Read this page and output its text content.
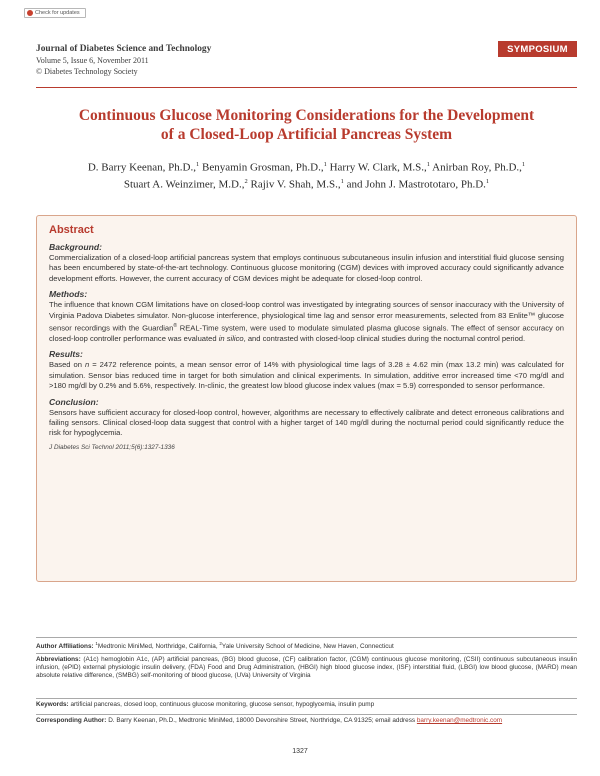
Check for updates
Journal of Diabetes Science and Technology
Volume 5, Issue 6, November 2011
© Diabetes Technology Society
SYMPOSIUM
Continuous Glucose Monitoring Considerations for the Development
of a Closed-Loop Artificial Pancreas System
D. Barry Keenan, Ph.D.,$^1$ Benyamin Grosman, Ph.D.,$^1$ Harry W. Clark, M.S.,$^1$ Anirban Roy, Ph.D.,$^1$
Stuart A. Weinzimer, M.D.,$^2$ Rajiv V. Shah, M.S.,$^1$ and John J. Mastrototaro, Ph.D.$^1$
Abstract
Background:

Commercialization of a closed-loop artificial pancreas system that employs continuous subcutaneous insulin infusion and interstitial fluid glucose sensing has been encumbered by state-of-the-art technology. Continuous glucose monitoring (CGM) devices with improved accuracy could significantly advance development efforts. However, the current accuracy of CGM devices might be adequate for closed-loop control.

Methods:

The influence that known CGM limitations have on closed-loop control was investigated by integrating sources of sensor inaccuracy with the University of Virginia Padova Diabetes simulator. Non-glucose interference, physiological time lag and sensor error measurements, selected from 83 Enlite™ glucose sensor recordings with the Guardian® REAL-Time system, were used to modulate simulated plasma glucose signals. The effect of sensor accuracy on closed-loop controller performance was evaluated in silico, and contrasted with closed-loop clinical studies during the nocturnal control period.

Results:

Based on n = 2472 reference points, a mean sensor error of 14% with physiological time lags of 3.28 ± 4.62 min (max 13.2 min) was calculated for simulation. Sensor bias reduced time in target for both simulation and clinical experiments. In simulation, additive error increased time <70 mg/dl and >180 mg/dl by 0.2% and 5.6%, respectively. In-clinic, the greatest low blood glucose index values (max = 5.9) corresponded to sensor performance.

Conclusion:

Sensors have sufficient accuracy for closed-loop control, however, algorithms are necessary to effectively calibrate and detect erroneous calibrations and failing sensors. Clinical closed-loop data suggest that control with a higher target of 140 mg/dl during the nocturnal period could significantly reduce the risk for hypoglycemia.

J Diabetes Sci Technol 2011;5(6):1327-1336
Author Affiliations: $^1$Medtronic MiniMed, Northridge, California, $^2$Yale University School of Medicine, New Haven, Connecticut
Abbreviations: (A1c) hemoglobin A1c, (AP) artificial pancreas, (BG) blood glucose, (CF) calibration factor, (CGM) continuous glucose monitoring, (CSII) continuous subcutaneous insulin infusion, (ePID) external physiologic insulin delivery, (FDA) Food and Drug Administration, (HBGI) high blood glucose index, (ISF) interstitial fluid, (LBGI) low blood glucose, (MARD) mean absolute relative difference, (SMBG) self-monitoring of blood glucose, (UVa) University of Virginia
Keywords: artificial pancreas, closed loop, continuous glucose monitoring, glucose sensor, hypoglycemia, insulin pump
Corresponding Author: D. Barry Keenan, Ph.D., Medtronic MiniMed, 18000 Devonshire Street, Northridge, CA 91325; email address barry.keenan@medtronic.com
1327
